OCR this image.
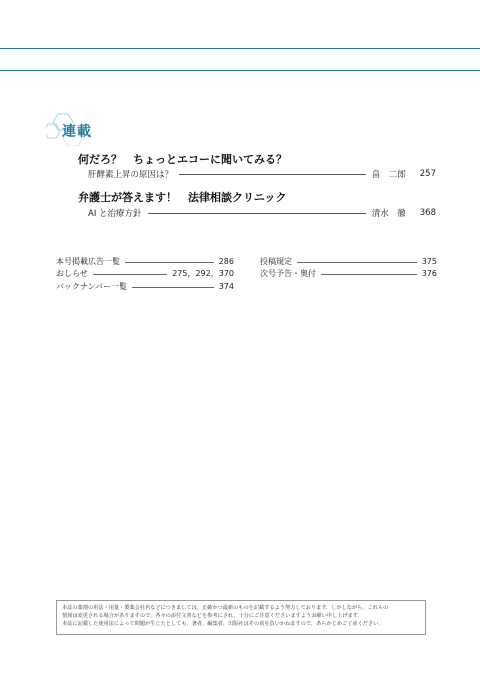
連載
何だろ？　ちょっとエコーに聞いてみる？
肝酵素上昇の原因は？	畠　二郎	257
弁護士が答えます！　法律相談クリニック
AI と治療方針	清水　徹	368
本号掲載広告一覧	286
おしらせ	275，292，370
バックナンバー一覧	374
投稿規定	375
次号予告・奥付	376

本誌の薬剤の用法・用量・製薬会社名などにつきましては，正確かつ最新のものを記載するよう努力しております．しかしながら，これらの

情報は変更される場合がありますので，各々の添付文書などを参考にされ，十分にご注意くださいますようお願い申し上げます．

本誌に記載した使用法によって問題が生じたとしても，著者，編集者，出版社はその責を負いかねますので，あらかじめご了承ください．
